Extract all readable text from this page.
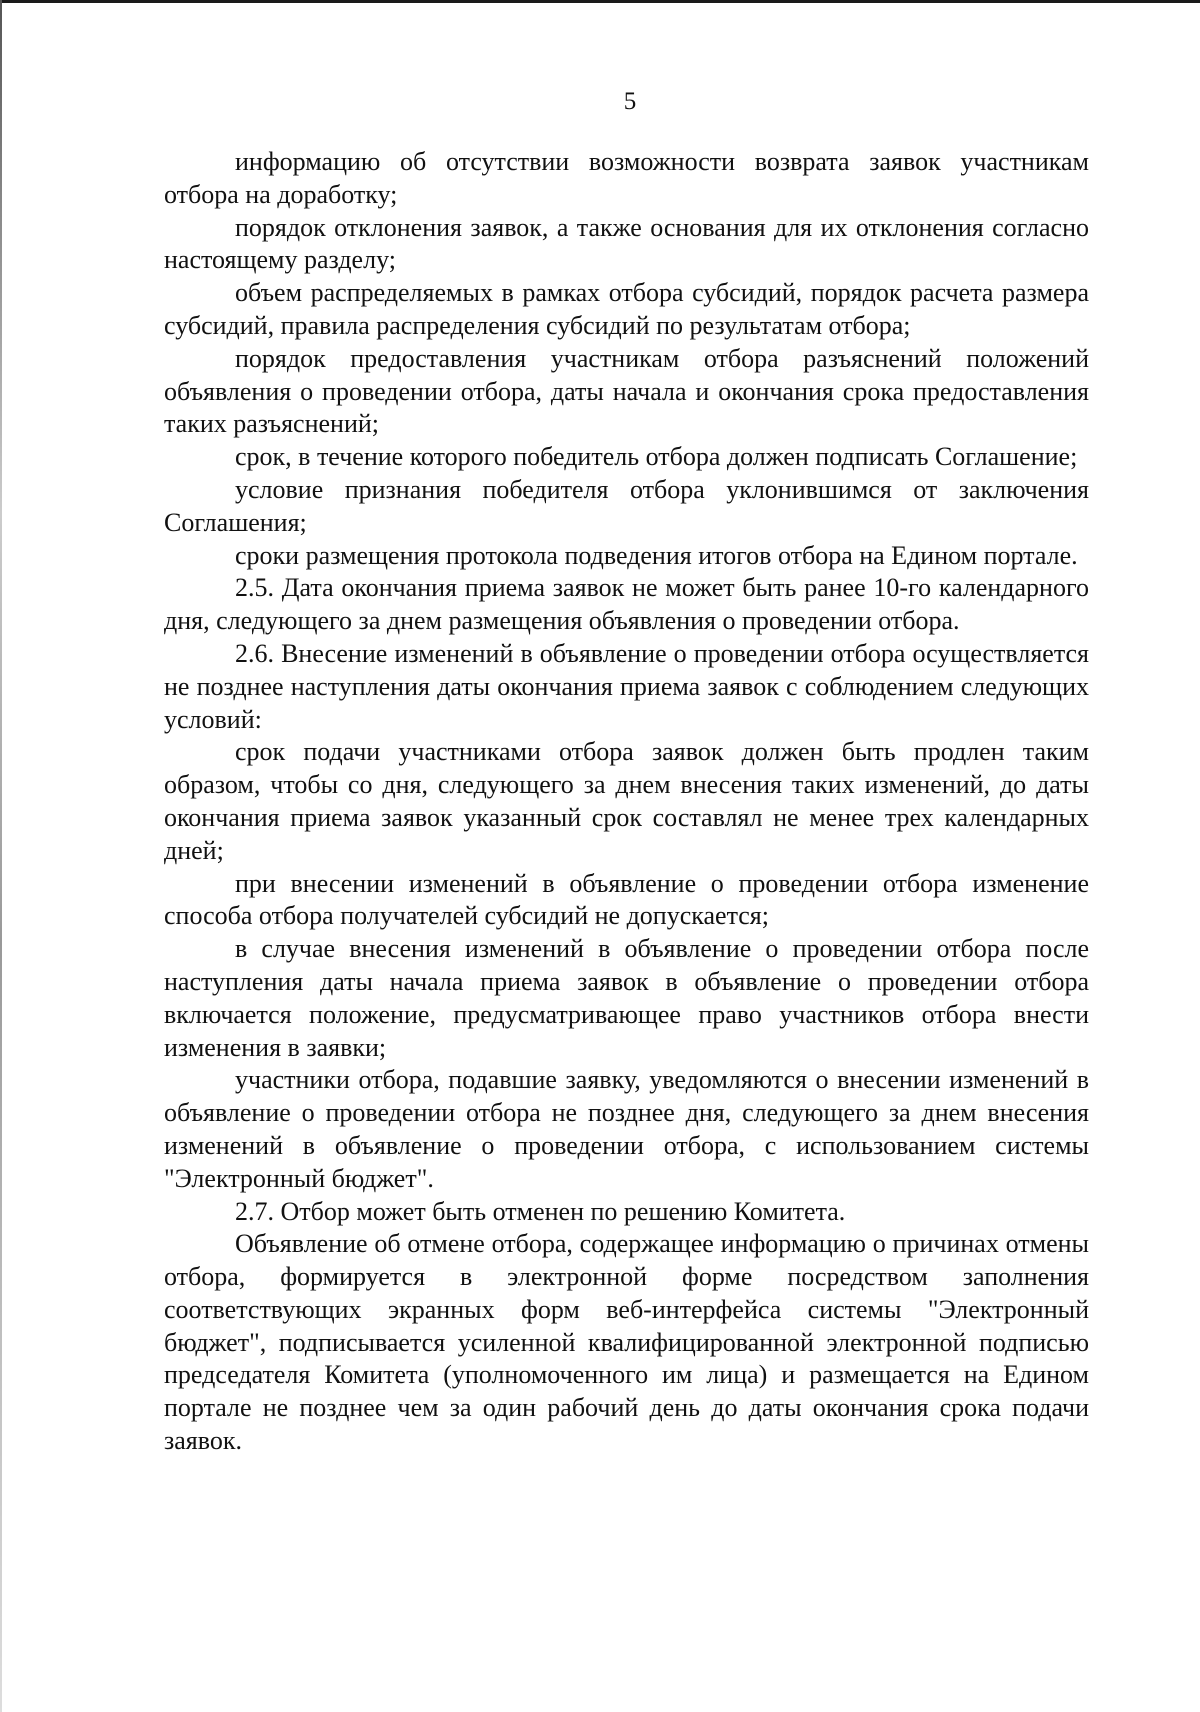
5

информацию об отсутствии возможности возврата заявок участникам отбора на доработку;

порядок отклонения заявок, а также основания для их отклонения согласно настоящему разделу;

объем распределяемых в рамках отбора субсидий, порядок расчета размера субсидий, правила распределения субсидий по результатам отбора;

порядок предоставления участникам отбора разъяснений положений объявления о проведении отбора, даты начала и окончания срока предоставления таких разъяснений;

срок, в течение которого победитель отбора должен подписать Соглашение;

условие признания победителя отбора уклонившимся от заключения Соглашения;

сроки размещения протокола подведения итогов отбора на Едином портале.

2.5. Дата окончания приема заявок не может быть ранее 10-го календарного дня, следующего за днем размещения объявления о проведении отбора.

2.6. Внесение изменений в объявление о проведении отбора осуществляется не позднее наступления даты окончания приема заявок с соблюдением следующих условий:

срок подачи участниками отбора заявок должен быть продлен таким образом, чтобы со дня, следующего за днем внесения таких изменений, до даты окончания приема заявок указанный срок составлял не менее трех календарных дней;

при внесении изменений в объявление о проведении отбора изменение способа отбора получателей субсидий не допускается;

в случае внесения изменений в объявление о проведении отбора после наступления даты начала приема заявок в объявление о проведении отбора включается положение, предусматривающее право участников отбора внести изменения в заявки;

участники отбора, подавшие заявку, уведомляются о внесении изменений в объявление о проведении отбора не позднее дня, следующего за днем внесения изменений в объявление о проведении отбора, с использованием системы "Электронный бюджет".

2.7. Отбор может быть отменен по решению Комитета.

Объявление об отмене отбора, содержащее информацию о причинах отмены отбора, формируется в электронной форме посредством заполнения соответствующих экранных форм веб-интерфейса системы "Электронный бюджет", подписывается усиленной квалифицированной электронной подписью председателя Комитета (уполномоченного им лица) и размещается на Едином портале не позднее чем за один рабочий день до даты окончания срока подачи заявок.
